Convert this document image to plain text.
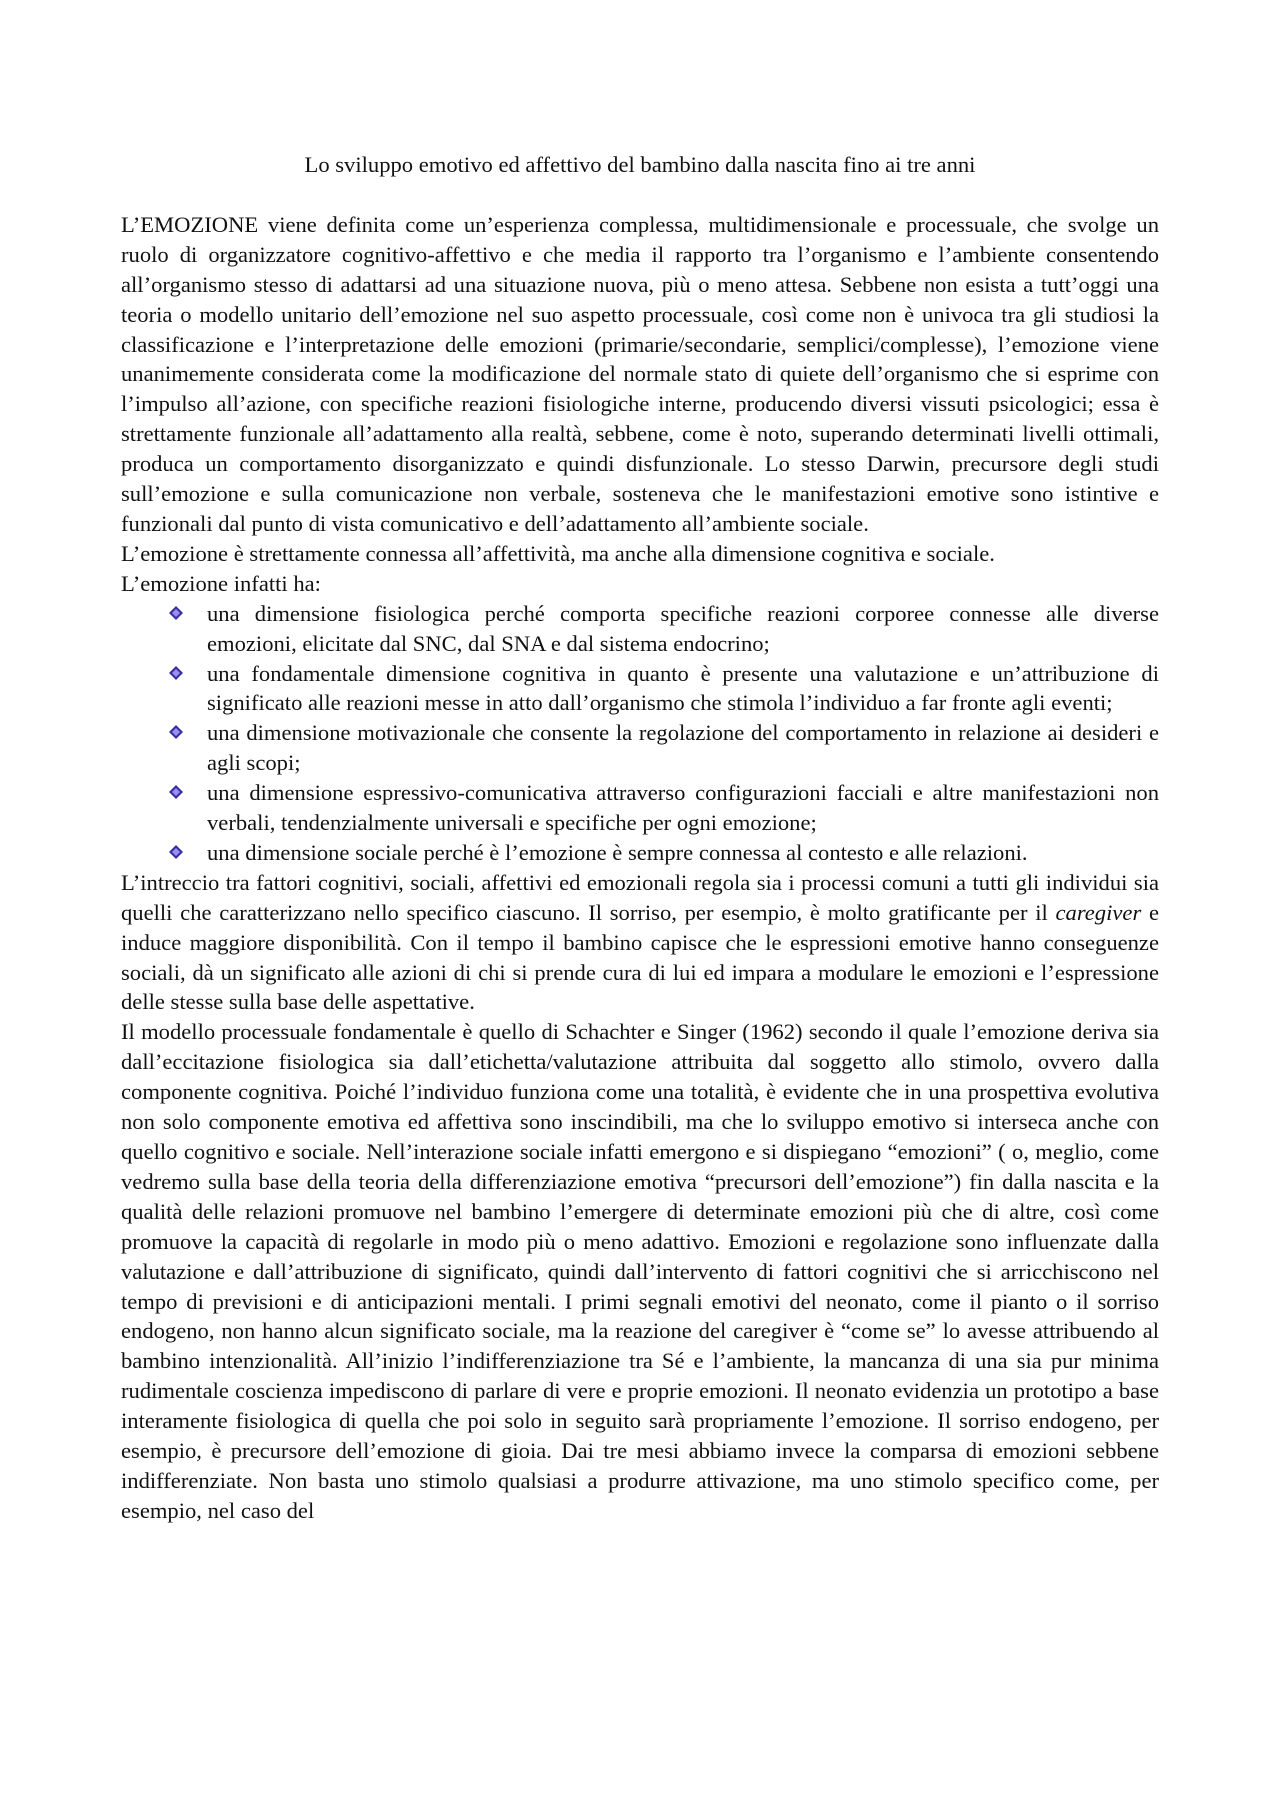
Lo sviluppo emotivo ed affettivo del bambino dalla nascita fino ai tre anni

L’EMOZIONE viene definita come un’esperienza complessa, multidimensionale e processuale, che svolge un ruolo di organizzatore cognitivo-affettivo e che media il rapporto tra l’organismo e l’ambiente consentendo all’organismo stesso di adattarsi ad una situazione nuova, più o meno attesa. Sebbene non esista a tutt’oggi una teoria o modello unitario dell’emozione nel suo aspetto processuale, così come non è univoca tra gli studiosi la classificazione e l’interpretazione delle emozioni (primarie/secondarie, semplici/complesse), l’emozione viene unanimemente considerata come la modificazione del normale stato di quiete dell’organismo che si esprime con l’impulso all’azione, con specifiche reazioni fisiologiche interne, producendo diversi vissuti psicologici; essa è strettamente funzionale all’adattamento alla realtà, sebbene, come è noto, superando determinati livelli ottimali, produca un comportamento disorganizzato e quindi disfunzionale. Lo stesso Darwin, precursore degli studi sull’emozione e sulla comunicazione non verbale, sosteneva che le manifestazioni emotive sono istintive e funzionali dal punto di vista comunicativo e dell’adattamento all’ambiente sociale.

L’emozione è strettamente connessa all’affettività, ma anche alla dimensione cognitiva e sociale.

L’emozione infatti ha:

una dimensione fisiologica perché comporta specifiche reazioni corporee connesse alle diverse emozioni, elicitate dal SNC, dal SNA e dal sistema endocrino;
una fondamentale dimensione cognitiva in quanto è presente una valutazione e un’attribuzione di significato alle reazioni messe in atto dall’organismo che stimola l’individuo a far fronte agli eventi;
una dimensione motivazionale che consente la regolazione del comportamento in relazione ai desideri e agli scopi;
una dimensione espressivo-comunicativa attraverso configurazioni facciali e altre manifestazioni non verbali, tendenzialmente universali e specifiche per ogni emozione;
una dimensione sociale perché è l’emozione è sempre connessa al contesto e alle relazioni.

L’intreccio tra fattori cognitivi, sociali, affettivi ed emozionali regola sia i processi comuni a tutti gli individui sia quelli che caratterizzano nello specifico ciascuno. Il sorriso, per esempio, è molto gratificante per il caregiver e induce maggiore disponibilità. Con il tempo il bambino capisce che le espressioni emotive hanno conseguenze sociali, dà un significato alle azioni di chi si prende cura di lui ed impara a modulare le emozioni e l’espressione delle stesse sulla base delle aspettative.

Il modello processuale fondamentale è quello di Schachter e Singer (1962) secondo il quale l’emozione deriva sia dall’eccitazione fisiologica sia dall’etichetta/valutazione attribuita dal soggetto allo stimolo, ovvero dalla componente cognitiva. Poiché l’individuo funziona come una totalità, è evidente che in una prospettiva evolutiva non solo componente emotiva ed affettiva sono inscindibili, ma che lo sviluppo emotivo si interseca anche con quello cognitivo e sociale. Nell’interazione sociale infatti emergono e si dispiegano “emozioni” ( o, meglio, come vedremo sulla base della teoria della differenziazione emotiva “precursori dell’emozione”) fin dalla nascita e la qualità delle relazioni promuove nel bambino l’emergere di determinate emozioni più che di altre, così come promuove la capacità di regolarle in modo più o meno adattivo. Emozioni e regolazione sono influenzate dalla valutazione e dall’attribuzione di significato, quindi dall’intervento di fattori cognitivi che si arricchiscono nel tempo di previsioni e di anticipazioni mentali. I primi segnali emotivi del neonato, come il pianto o il sorriso endogeno, non hanno alcun significato sociale, ma la reazione del caregiver è “come se” lo avesse attribuendo al bambino intenzionalità. All’inizio l’indifferenziazione tra Sé e l’ambiente, la mancanza di una sia pur minima rudimentale coscienza impediscono di parlare di vere e proprie emozioni. Il neonato evidenzia un prototipo a base interamente fisiologica di quella che poi solo in seguito sarà propriamente l’emozione. Il sorriso endogeno, per esempio, è precursore dell’emozione di gioia. Dai tre mesi abbiamo invece la comparsa di emozioni sebbene indifferenziate. Non basta uno stimolo qualsiasi a produrre attivazione, ma uno stimolo specifico come, per esempio, nel caso del
